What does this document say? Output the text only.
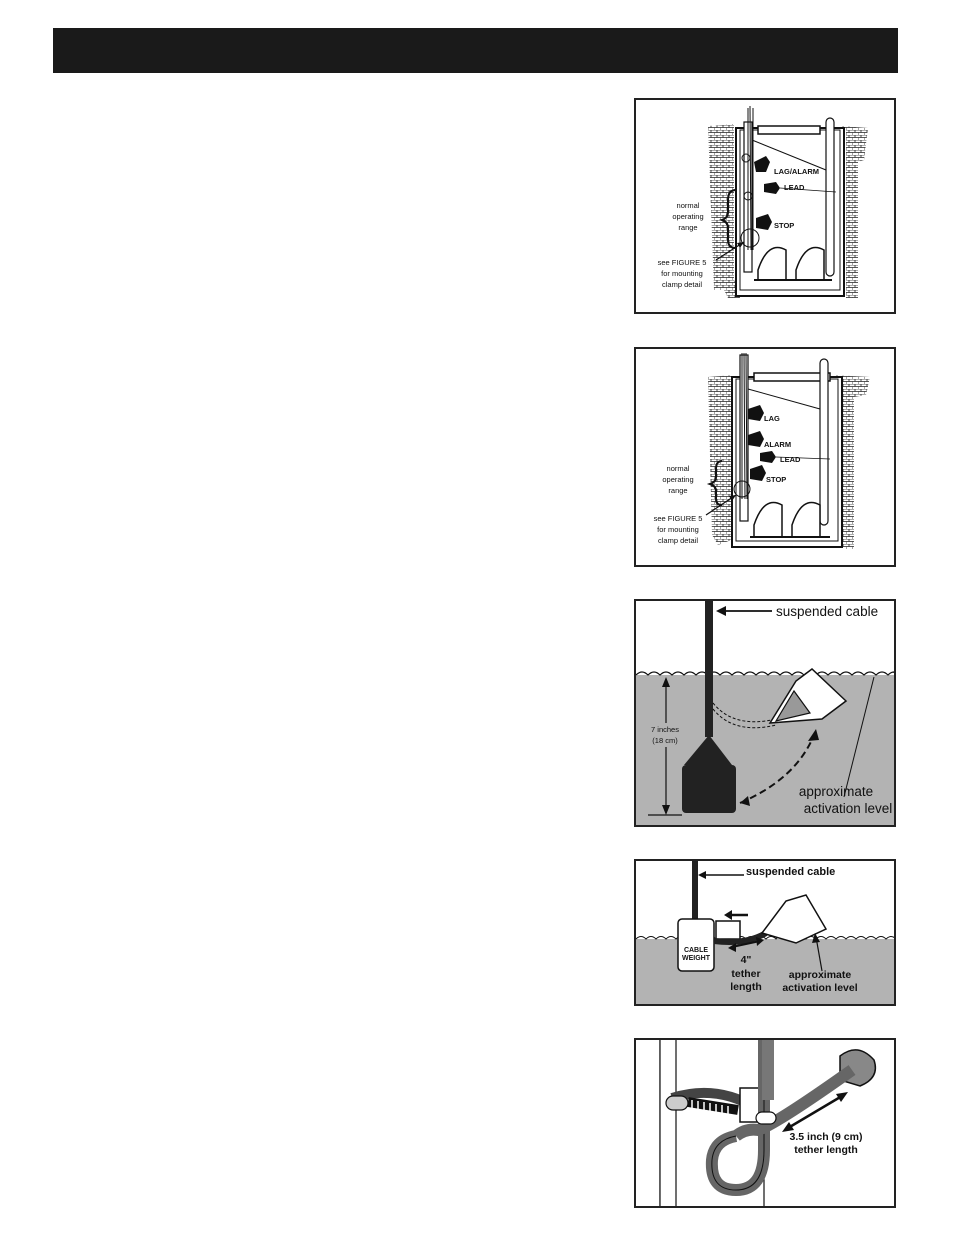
LAG/ALARM
LEAD
STOP
normal
operating
range
see FIGURE 5
for mounting
clamp detail
LAG
ALARM
LEAD
STOP
normal
operating
range
see FIGURE 5
for mounting
clamp detail
suspended cable
7 inches
(18 cm)
approximate
activation level
suspended cable
CABLE
WEIGHT	4"
tether
length
approximate
activation level
3.5 inch (9 cm)
tether length
